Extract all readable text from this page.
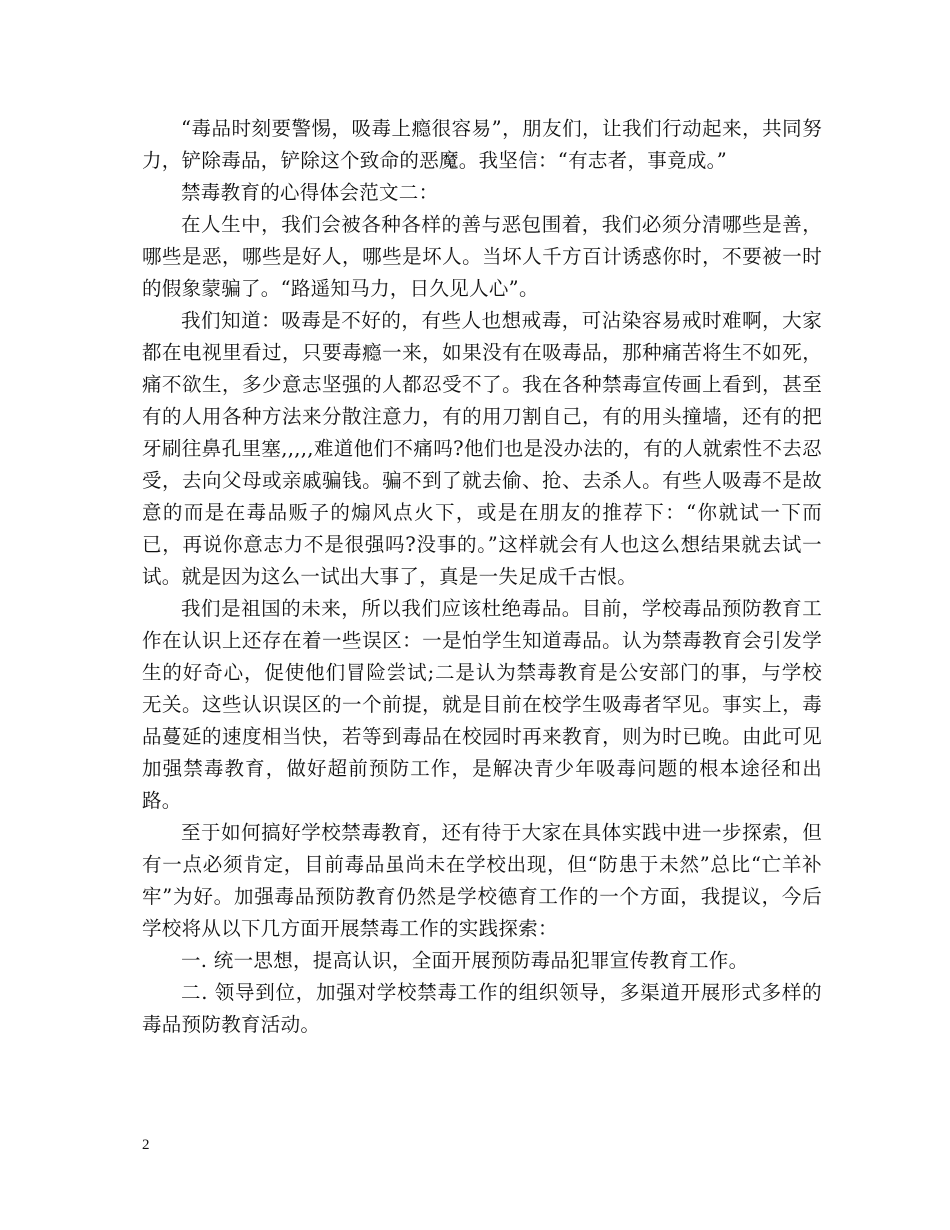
“毒品时刻要警惕，吸毒上瘾很容易”，朋友们，让我们行动起来，共同努力，铲除毒品，铲除这个致命的恶魔。我坚信：“有志者，事竟成。”

禁毒教育的心得体会范文二：

在人生中，我们会被各种各样的善与恶包围着，我们必须分清哪些是善，哪些是恶，哪些是好人，哪些是坏人。当坏人千方百计诱惑你时，不要被一时的假象蒙骗了。“路遥知马力，日久见人心”。

我们知道：吸毒是不好的，有些人也想戒毒，可沾染容易戒时难啊，大家都在电视里看过，只要毒瘾一来，如果没有在吸毒品，那种痛苦将生不如死，痛不欲生，多少意志坚强的人都忍受不了。我在各种禁毒宣传画上看到，甚至有的人用各种方法来分散注意力，有的用刀割自己，有的用头撞墙，还有的把牙刷往鼻孔里塞,,,,,难道他们不痛吗?他们也是没办法的，有的人就索性不去忍受，去向父母或亲戚骗钱。骗不到了就去偷、抢、去杀人。有些人吸毒不是故意的而是在毒品贩子的煽风点火下，或是在朋友的推荐下：“你就试一下而已，再说你意志力不是很强吗?没事的。”这样就会有人也这么想结果就去试一试。就是因为这么一试出大事了，真是一失足成千古恨。

我们是祖国的未来，所以我们应该杜绝毒品。目前，学校毒品预防教育工作在认识上还存在着一些误区：一是怕学生知道毒品。认为禁毒教育会引发学生的好奇心，促使他们冒险尝试;二是认为禁毒教育是公安部门的事，与学校无关。这些认识误区的一个前提，就是目前在校学生吸毒者罕见。事实上，毒品蔓延的速度相当快，若等到毒品在校园时再来教育，则为时已晚。由此可见加强禁毒教育，做好超前预防工作，是解决青少年吸毒问题的根本途径和出路。

至于如何搞好学校禁毒教育，还有待于大家在具体实践中进一步探索，但有一点必须肯定，目前毒品虽尚未在学校出现，但“防患于未然”总比“亡羊补牢”为好。加强毒品预防教育仍然是学校德育工作的一个方面，我提议，今后学校将从以下几方面开展禁毒工作的实践探索：

一. 统一思想，提高认识，全面开展预防毒品犯罪宣传教育工作。

二. 领导到位，加强对学校禁毒工作的组织领导，多渠道开展形式多样的毒品预防教育活动。

2
